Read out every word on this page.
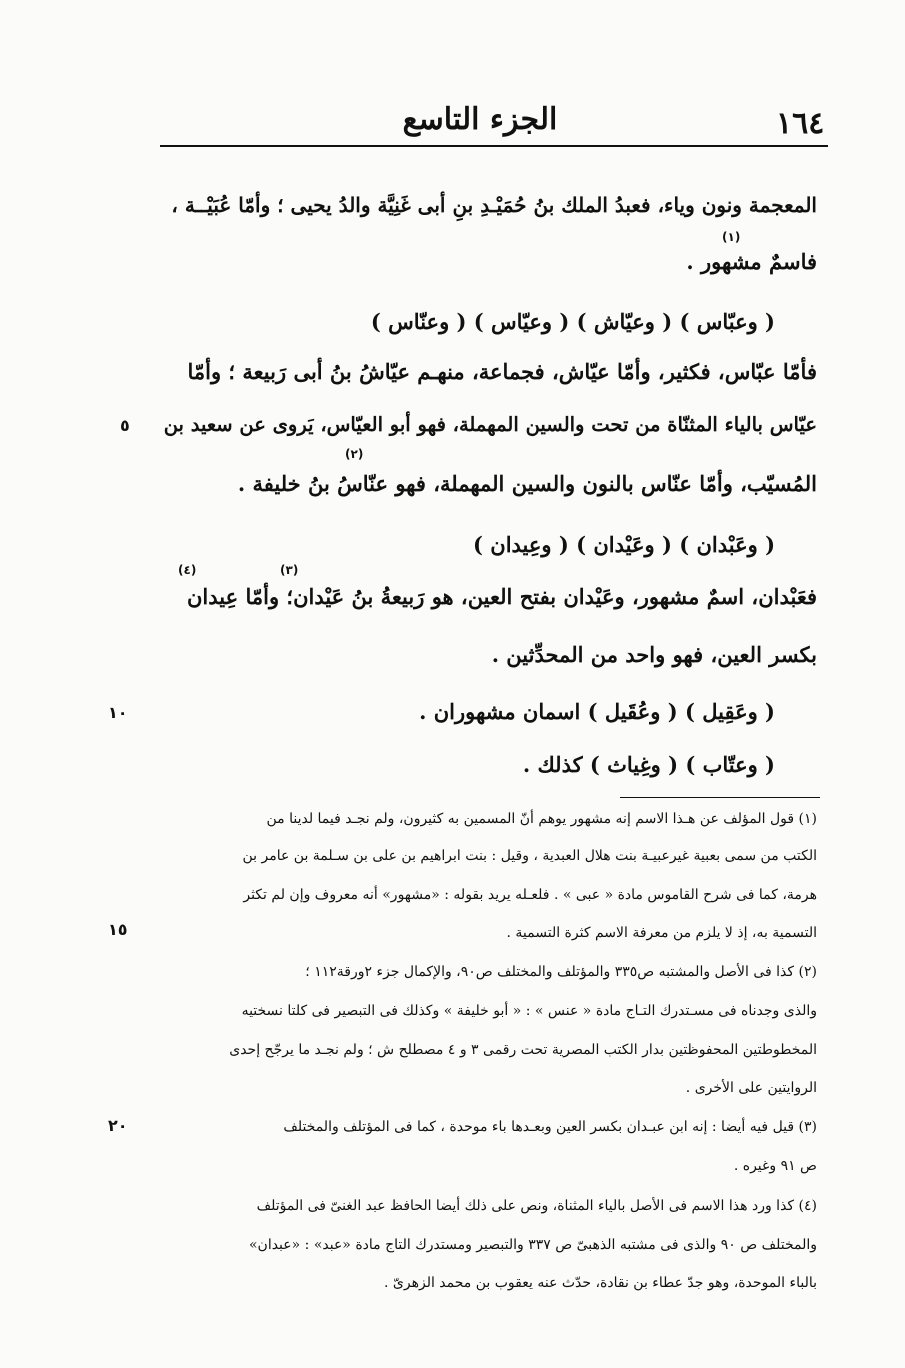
١٦٤
الجزء التاسع
المعجمة ونون وياء، فعبدُ الملك بنُ حُمَيْـدِ بنِ أبى غَنِيَّة والدُ يحيى ؛ وأمّا عُبَيْــة ،
(١)
فاسمٌ مشهور .
( وعبّاس ) ( وعيّاش ) ( وعيّاس ) ( وعنّاس )
فأمّا عبّاس، فكثير، وأمّا عيّاش، فجماعة، منهـم عيّاشُ بنُ أبى رَبيعة ؛ وأمّا
عيّاس بالياء المثنّاة من تحت والسين المهملة، فهو أبو العيّاس، يَروى عن سعيد بن
٥
(٢)
المُسيّب، وأمّا عنّاس بالنون والسين المهملة، فهو عنّاسُ بنُ خليفة .
( وعَبْدان ) ( وعَيْدان ) ( وعِيدان )
(٣)
(٤)
فعَبْدان، اسمٌ مشهور، وعَيْدان بفتح العين، هو رَبيعةُ بنُ عَيْدان؛ وأمّا عِيدان
بكسر العين، فهو واحد من المحدِّثين .
( وعَقِيل ) ( وعُقَيل ) اسمان مشهوران .
١٠
( وعتّاب ) ( وغِياث ) كذلك .
(١) قول المؤلف عن هـذا الاسم إنه مشهور يوهم أنّ المسمين به كثيرون، ولم نجـد فيما لدينا من
الكتب من سمى بعبية غيرعبيـة بنت هلال العبدية ، وقيل : بنت ابراهيم بن على بن سـلمة بن عامر بن
هرمة، كما فى شرح القاموس مادة « عبى » . فلعـله يريد بقوله : «مشهور» أنه معروف وإن لم تكثر
التسمية به، إذ لا يلزم من معرفة الاسم كثرة التسمية .
١٥
(٢) كذا فى الأصل والمشتبه ص٣٣٥ والمؤتلف والمختلف ص٩٠، والإكمال جزء ٢ورقة١١٢ ؛
والذى وجدناه فى مسـتدرك التـاج مادة « عنس » : « أبو خليفة » وكذلك فى التبصير فى كلتا نسختيه
المخطوطتين المحفوظتين بدار الكتب المصرية تحت رقمى ٣ و ٤ مصطلح ش ؛ ولم نجـد ما يرجّح إحدى
الروايتين على الأخرى .
(٣) قيل فيه أيضا : إنه ابن عبـدان بكسر العين وبعـدها باء موحدة ، كما فى المؤتلف والمختلف
٢٠
ص ٩١ وغيره .
(٤) كذا ورد هذا الاسم فى الأصل بالياء المثناة، ونص على ذلك أيضا الحافظ عبد الغنىّ فى المؤتلف
والمختلف ص ٩٠ والذى فى مشتبه الذهبىّ ص ٣٣٧ والتبصير ومستدرك التاج مادة «عبد» : «عبدان»
بالباء الموحدة، وهو جدّ عطاء بن نقادة، حدّث عنه يعقوب بن محمد الزهرىّ .
